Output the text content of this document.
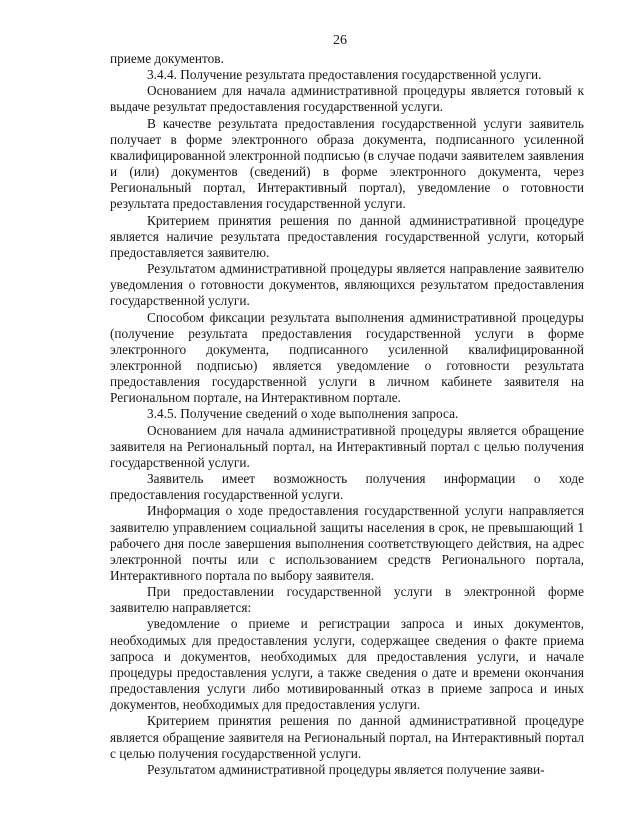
26

приеме документов.

3.4.4. Получение результата предоставления государственной услуги.

Основанием для начала административной процедуры является готовый к выдаче результат предоставления государственной услуги.

В качестве результата предоставления государственной услуги заявитель получает в форме электронного образа документа, подписанного усиленной квалифицированной электронной подписью (в случае подачи заявителем заявления и (или) документов (сведений) в форме электронного документа, через Региональный портал, Интерактивный портал), уведомление о готовности результата предоставления государственной услуги.

Критерием принятия решения по данной административной процедуре является наличие результата предоставления государственной услуги, который предоставляется заявителю.

Результатом административной процедуры является направление заявителю уведомления о готовности документов, являющихся результатом предоставления государственной услуги.

Способом фиксации результата выполнения административной процедуры (получение результата предоставления государственной услуги в форме электронного документа, подписанного усиленной квалифицированной электронной подписью) является уведомление о готовности результата предоставления государственной услуги в личном кабинете заявителя на Региональном портале, на Интерактивном портале.

3.4.5. Получение сведений о ходе выполнения запроса.

Основанием для начала административной процедуры является обращение заявителя на Региональный портал, на Интерактивный портал с целью получения государственной услуги.

Заявитель имеет возможность получения информации о ходе предоставления государственной услуги.

Информация о ходе предоставления государственной услуги направляется заявителю управлением социальной защиты населения в срок, не превышающий 1 рабочего дня после завершения выполнения соответствующего действия, на адрес электронной почты или с использованием средств Регионального портала, Интерактивного портала по выбору заявителя.

При предоставлении государственной услуги в электронной форме заявителю направляется:

уведомление о приеме и регистрации запроса и иных документов, необходимых для предоставления услуги, содержащее сведения о факте приема запроса и документов, необходимых для предоставления услуги, и начале процедуры предоставления услуги, а также сведения о дате и времени окончания предоставления услуги либо мотивированный отказ в приеме запроса и иных документов, необходимых для предоставления услуги.

Критерием принятия решения по данной административной процедуре является обращение заявителя на Региональный портал, на Интерактивный портал с целью получения государственной услуги.

Результатом административной процедуры является получение заяви-
